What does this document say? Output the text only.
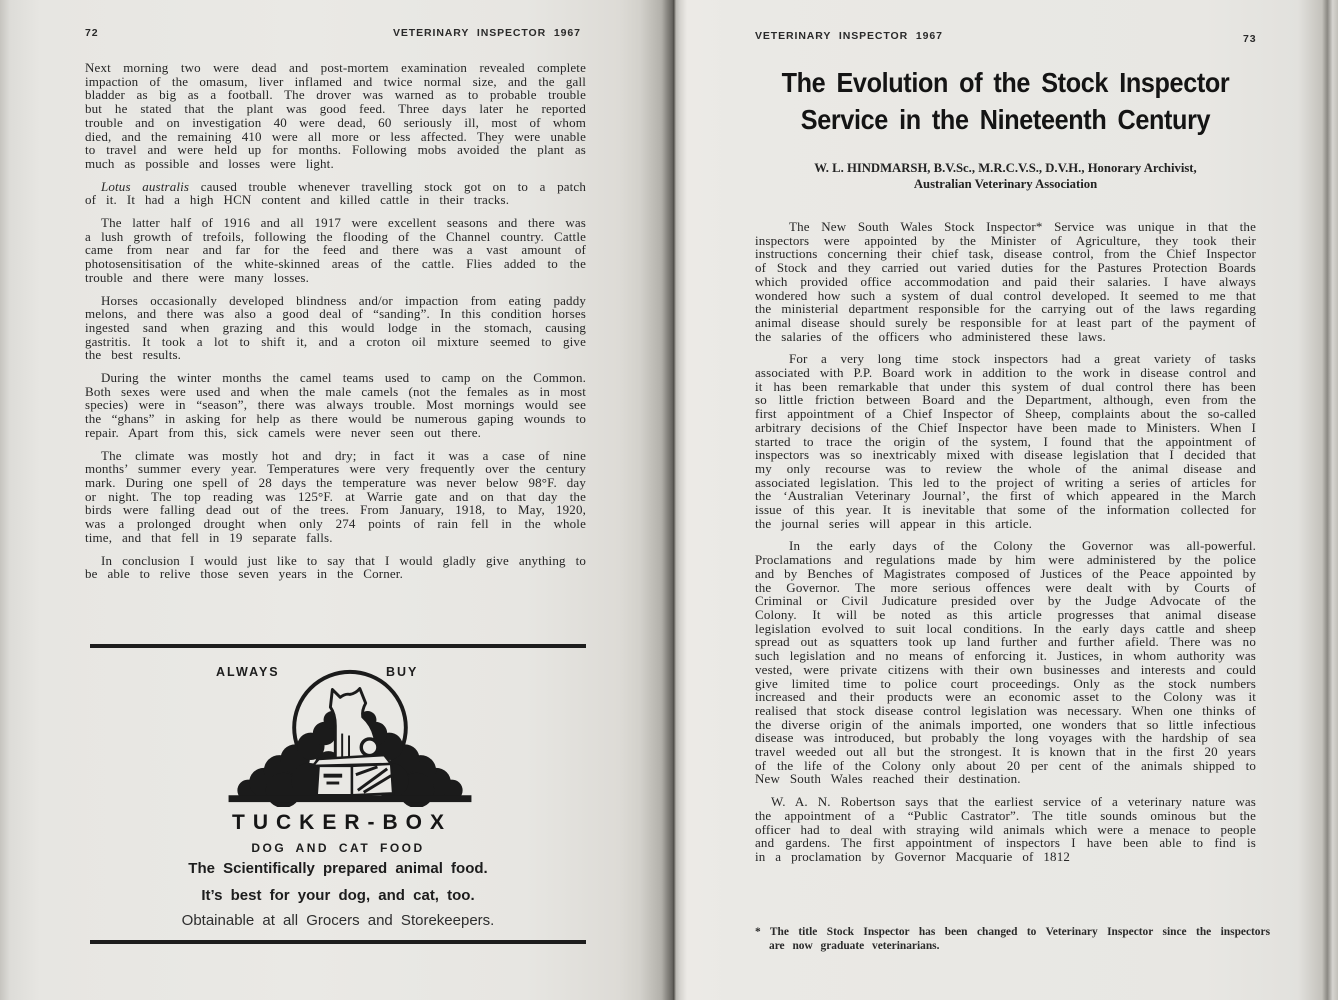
72	VETERINARY INSPECTOR 1967

Next morning two were dead and post-mortem examination revealed complete impaction of the omasum, liver inflamed and twice normal size, and the gall bladder as big as a football. The drover was warned as to probable trouble but he stated that the plant was good feed. Three days later he reported trouble and on investigation 40 were dead, 60 seriously ill, most of whom died, and the remaining 410 were all more or less affected. They were unable to travel and were held up for months. Following mobs avoided the plant as much as possible and losses were light.

Lotus australis caused trouble whenever travelling stock got on to a patch of it. It had a high HCN content and killed cattle in their tracks.

The latter half of 1916 and all 1917 were excellent seasons and there was a lush growth of trefoils, following the flooding of the Channel country. Cattle came from near and far for the feed and there was a vast amount of photosensitisation of the white-skinned areas of the cattle. Flies added to the trouble and there were many losses.

Horses occasionally developed blindness and/or impaction from eating paddy melons, and there was also a good deal of “sanding”. In this condition horses ingested sand when grazing and this would lodge in the stomach, causing gastritis. It took a lot to shift it, and a croton oil mixture seemed to give the best results.

During the winter months the camel teams used to camp on the Common. Both sexes were used and when the male camels (not the females as in most species) were in “season”, there was always trouble. Most mornings would see the “ghans” in asking for help as there would be numerous gaping wounds to repair. Apart from this, sick camels were never seen out there.

The climate was mostly hot and dry; in fact it was a case of nine months’ summer every year. Temperatures were very frequently over the century mark. During one spell of 28 days the temperature was never below 98°F. day or night. The top reading was 125°F. at Warrie gate and on that day the birds were falling dead out of the trees. From January, 1918, to May, 1920, was a prolonged drought when only 274 points of rain fell in the whole time, and that fell in 19 separate falls.

In conclusion I would just like to say that I would gladly give anything to be able to relive those seven years in the Corner.

ALWAYS	BUY
TUCKER-BOX
DOG AND CAT FOOD
The Scientifically prepared animal food.
It’s best for your dog, and cat, too.
Obtainable at all Grocers and Storekeepers.
VETERINARY INSPECTOR 1967	73
The Evolution of the Stock Inspector
Service in the Nineteenth Century
W. L. HINDMARSH, B.V.Sc., M.R.C.V.S., D.V.H., Honorary Archivist,
Australian Veterinary Association

The New South Wales Stock Inspector* Service was unique in that the inspectors were appointed by the Minister of Agriculture, they took their instructions concerning their chief task, disease control, from the Chief Inspector of Stock and they carried out varied duties for the Pastures Protection Boards which provided office accommodation and paid their salaries. I have always wondered how such a system of dual control developed. It seemed to me that the ministerial department responsible for the carrying out of the laws regarding animal disease should surely be responsible for at least part of the payment of the salaries of the officers who administered these laws.

For a very long time stock inspectors had a great variety of tasks associated with P.P. Board work in addition to the work in disease control and it has been remarkable that under this system of dual control there has been so little friction between Board and the Department, although, even from the first appointment of a Chief Inspector of Sheep, complaints about the so-called arbitrary decisions of the Chief Inspector have been made to Ministers. When I started to trace the origin of the system, I found that the appointment of inspectors was so inextricably mixed with disease legislation that I decided that my only recourse was to review the whole of the animal disease and associated legislation. This led to the project of writing a series of articles for the ‘Australian Veterinary Journal’, the first of which appeared in the March issue of this year. It is inevitable that some of the information collected for the journal series will appear in this article.

In the early days of the Colony the Governor was all-powerful. Proclamations and regulations made by him were administered by the police and by Benches of Magistrates composed of Justices of the Peace appointed by the Governor. The more serious offences were dealt with by Courts of Criminal or Civil Judicature presided over by the Judge Advocate of the Colony. It will be noted as this article progresses that animal disease legislation evolved to suit local conditions. In the early days cattle and sheep spread out as squatters took up land further and further afield. There was no such legislation and no means of enforcing it. Justices, in whom authority was vested, were private citizens with their own businesses and interests and could give limited time to police court proceedings. Only as the stock numbers increased and their products were an economic asset to the Colony was it realised that stock disease control legislation was necessary. When one thinks of the diverse origin of the animals imported, one wonders that so little infectious disease was introduced, but probably the long voyages with the hardship of sea travel weeded out all but the strongest. It is known that in the first 20 years of the life of the Colony only about 20 per cent of the animals shipped to New South Wales reached their destination.

W. A. N. Robertson says that the earliest service of a veterinary nature was the appointment of a “Public Castrator”. The title sounds ominous but the officer had to deal with straying wild animals which were a menace to people and gardens. The first appointment of inspectors I have been able to find is in a proclamation by Governor Macquarie of 1812

* The title Stock Inspector has been changed to Veterinary Inspector since the inspectors are now graduate veterinarians.
